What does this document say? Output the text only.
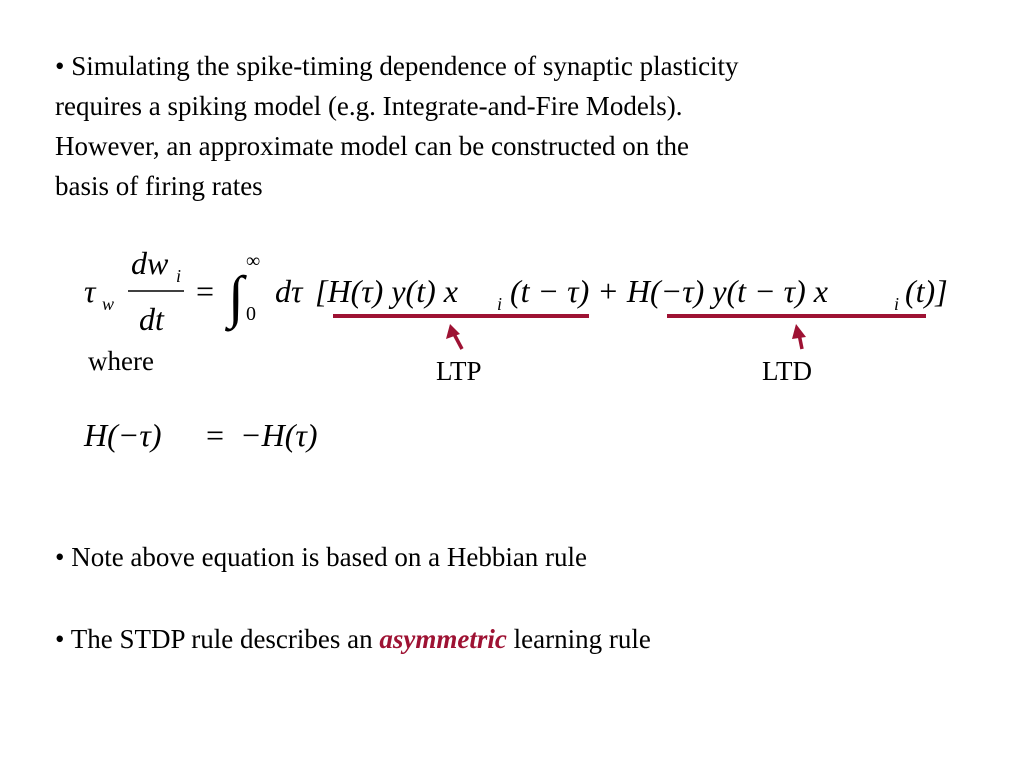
• Simulating the spike-timing dependence of synaptic plasticity
requires a spiking model (e.g. Integrate-and-Fire Models).
However, an approximate model can be constructed on the
basis of firing rates
τ w
dw i
dt
= ∫
∞
0
dτ [H(τ) y(t) x i (t − τ) + H(−τ) y(t − τ) x	i (t)]
H(−τ) = −H(τ)
where	LTP	LTD
• Note above equation is based on a Hebbian rule
• The STDP rule describes an asymmetric learning rule
